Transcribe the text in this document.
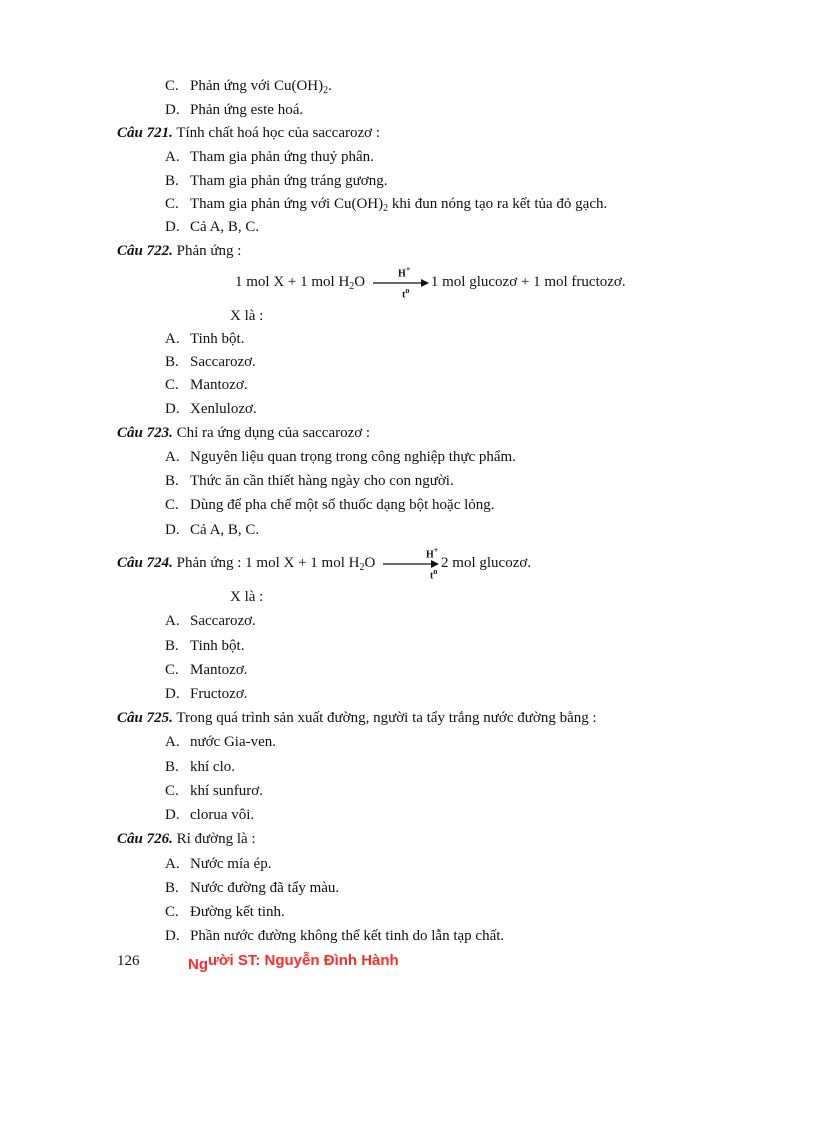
C. Phản ứng với $Cu(OH)_2$.
D. Phản ứng este hoá.
Câu 721. Tính chất hoá học của saccarozơ :
A. Tham gia phản ứng thuỷ phân.
B. Tham gia phản ứng tráng gương.
C. Tham gia phản ứng với $Cu(OH)_2$ khi đun nóng tạo ra kết tủa đỏ gạch.
D. Cả A, B, C.
Câu 722. Phản ứng :
1 mol X + 1 mol $H_2O \to 1$ mol glucozơ + 1 mol fructozơ.
H+
$t^o$
X là :
A. Tinh bột.
B. Saccarozơ.
C. Mantozơ.
D. Xenlulozơ.
Câu 723. Chỉ ra ứng dụng của saccarozơ :
A. Nguyên liệu quan trọng trong công nghiệp thực phẩm.
B. Thức ăn cần thiết hàng ngày cho con người.
C. Dùng để pha chế một số thuốc dạng bột hoặc lỏng.
D. Cả A, B, C.
Câu 724. Phản ứng : 1 mol X + 1 mol $H_2O \to 2$ mol glucozơ.
H+
$t^o$
X là :
A. Saccarozơ.
B. Tinh bột.
C. Mantozơ.
D. Fructozơ.
Câu 725. Trong quá trình sản xuất đường, người ta tẩy trắng nước đường bằng :
A. nước Gia-ven.
B. khí clo.
C. khí sunfurơ.
D. clorua vôi.
Câu 726. Rỉ đường là :
A. Nước mía ép.
B. Nước đường đã tẩy màu.
C. Đường kết tinh.
D. Phần nước đường không thể kết tinh do lẫn tạp chất.
126	Người ST: Nguyễn Đình Hành
